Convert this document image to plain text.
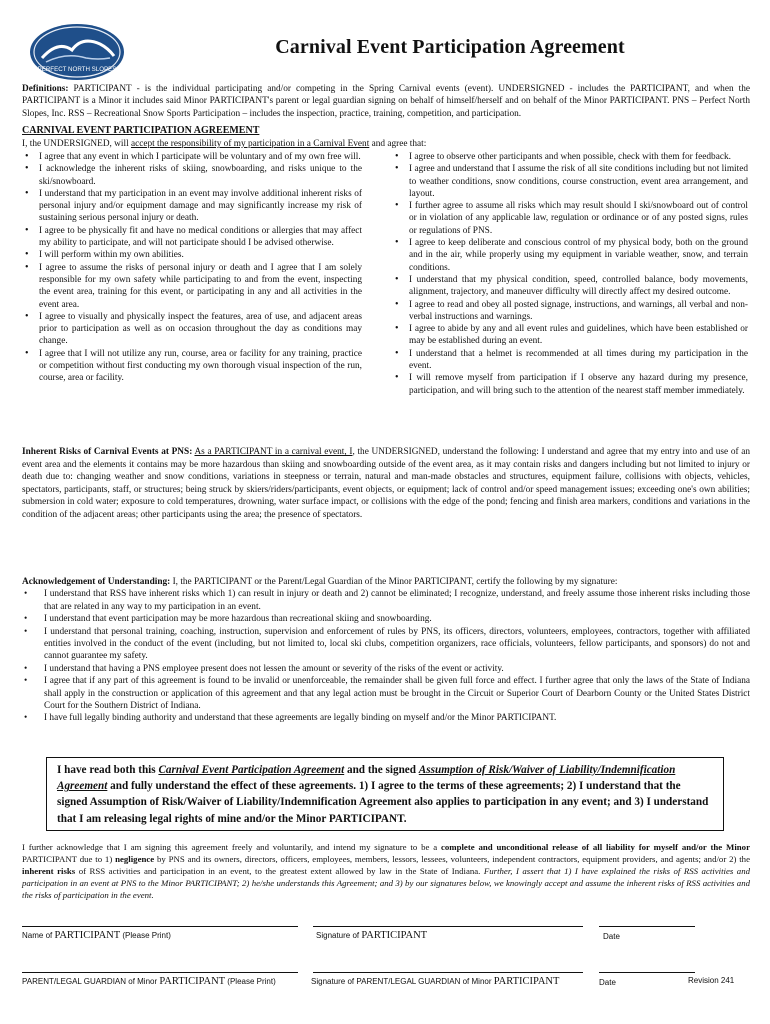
PERFECT NORTH SLOPES
Carnival Event Participation Agreement
Definitions: PARTICIPANT - is the individual participating and/or competing in the Spring Carnival events (event). UNDERSIGNED - includes the PARTICIPANT, and when the PARTICIPANT is a Minor it includes said Minor PARTICIPANT's parent or legal guardian signing on behalf of himself/herself and on behalf of the Minor PARTICIPANT. PNS – Perfect North Slopes, Inc. RSS – Recreational Snow Sports Participation – includes the inspection, practice, training, competition, and participation.
CARNIVAL EVENT PARTICIPATION AGREEMENT
I, the UNDERSIGNED, will accept the responsibility of my participation in a Carnival Event and agree that:
• I agree that any event in which I participate will be voluntary and of my own free will.
• I acknowledge the inherent risks of skiing, snowboarding, and risks unique to the ski/snowboard.
• I understand that my participation in an event may involve additional inherent risks of personal injury and/or equipment damage and may significantly increase my risk of sustaining serious personal injury or death.
• I agree to be physically fit and have no medical conditions or allergies that may affect my ability to participate, and will not participate should I be advised otherwise.
• I will perform within my own abilities.
• I agree to assume the risks of personal injury or death and I agree that I am solely responsible for my own safety while participating to and from the event, inspecting the event area, training for this event, or participating in any and all activities in the event area.
• I agree to visually and physically inspect the features, area of use, and adjacent areas prior to participation as well as on occasion throughout the day as conditions may change.
• I agree that I will not utilize any run, course, area or facility for any training, practice or competition without first conducting my own thorough visual inspection of the run, course, area or facility.
• I agree to observe other participants and when possible, check with them for feedback.
• I agree and understand that I assume the risk of all site conditions including but not limited to weather conditions, snow conditions, course construction, event area arrangement, and layout.
• I further agree to assume all risks which may result should I ski/snowboard out of control or in violation of any applicable law, regulation or ordinance or of any posted signs, rules or regulations of PNS.
• I agree to keep deliberate and conscious control of my physical body, both on the ground and in the air, while properly using my equipment in variable weather, snow, and terrain conditions.
• I understand that my physical condition, speed, controlled balance, body movements, alignment, trajectory, and maneuver difficulty will directly affect my desired outcome.
• I agree to read and obey all posted signage, instructions, and warnings, all verbal and non-verbal instructions and warnings.
• I agree to abide by any and all event rules and guidelines, which have been established or may be established during an event.
• I understand that a helmet is recommended at all times during my participation in the event.
• I will remove myself from participation if I observe any hazard during my presence, participation, and will bring such to the attention of the nearest staff member immediately.
Inherent Risks of Carnival Events at PNS: As a PARTICIPANT in a carnival event, I, the UNDERSIGNED, understand the following: I understand and agree that my entry into and use of an event area and the elements it contains may be more hazardous than skiing and snowboarding outside of the event area, as it may contain risks and dangers including but not limited to injury or death due to: changing weather and snow conditions, variations in steepness or terrain, natural and man-made obstacles and structures, equipment failure, collisions with objects, vehicles, spectators, participants, staff, or structures; being struck by skiers/riders/participants, event objects, or equipment; lack of control and/or speed management issues; exceeding one's own abilities; submersion in cold water; exposure to cold temperatures, drowning, water surface impact, or collisions with the edge of the pond; fencing and finish area markers, conditions and variations in the condition of the adjacent areas; other participants using the area; the presence of spectators.
Acknowledgement of Understanding: I, the PARTICIPANT or the Parent/Legal Guardian of the Minor PARTICIPANT, certify the following by my signature:
• I understand that RSS have inherent risks which 1) can result in injury or death and 2) cannot be eliminated; I recognize, understand, and freely assume those inherent risks including those that are related in any way to my participation in an event.
• I understand that event participation may be more hazardous than recreational skiing and snowboarding.
• I understand that personal training, coaching, instruction, supervision and enforcement of rules by PNS, its officers, directors, volunteers, employees, contractors, together with affiliated entities involved in the conduct of the event (including, but not limited to, local ski clubs, competition organizers, race officials, volunteers, fellow participants, and sponsors) do not and cannot guarantee my safety.
• I understand that having a PNS employee present does not lessen the amount or severity of the risks of the event or activity.
• I agree that if any part of this agreement is found to be invalid or unenforceable, the remainder shall be given full force and effect. I further agree that only the laws of the State of Indiana shall apply in the construction or application of this agreement and that any legal action must be brought in the Circuit or Superior Court of Dearborn County or the United States District Court for the Southern District of Indiana.
• I have full legally binding authority and understand that these agreements are legally binding on myself and/or the Minor PARTICIPANT.
I have read both this Carnival Event Participation Agreement and the signed Assumption of Risk/Waiver of Liability/Indemnification Agreement and fully understand the effect of these agreements. 1) I agree to the terms of these agreements; 2) I understand that the signed Assumption of Risk/Waiver of Liability/Indemnification Agreement also applies to participation in any event; and 3) I understand that I am releasing legal rights of mine and/or the Minor PARTICIPANT.
I further acknowledge that I am signing this agreement freely and voluntarily, and intend my signature to be a complete and unconditional release of all liability for myself and/or the Minor PARTICIPANT due to 1) negligence by PNS and its owners, directors, officers, employees, members, lessors, lessees, volunteers, independent contractors, equipment providers, and agents; and/or 2) the inherent risks of RSS activities and participation in an event, to the greatest extent allowed by law in the State of Indiana. Further, I assert that 1) I have explained the risks of RSS activities and participation in an event at PNS to the Minor PARTICIPANT; 2) he/she understands this Agreement; and 3) by our signatures below, we knowingly accept and assume the inherent risks of RSS activities and the risks of participation in the event.
Name of PARTICIPANT (Please Print)	Signature of PARTICIPANT	Date
PARENT/LEGAL GUARDIAN of Minor PARTICIPANT (Please Print)	Signature of PARENT/LEGAL GUARDIAN of Minor PARTICIPANT	Date	Revision 241
